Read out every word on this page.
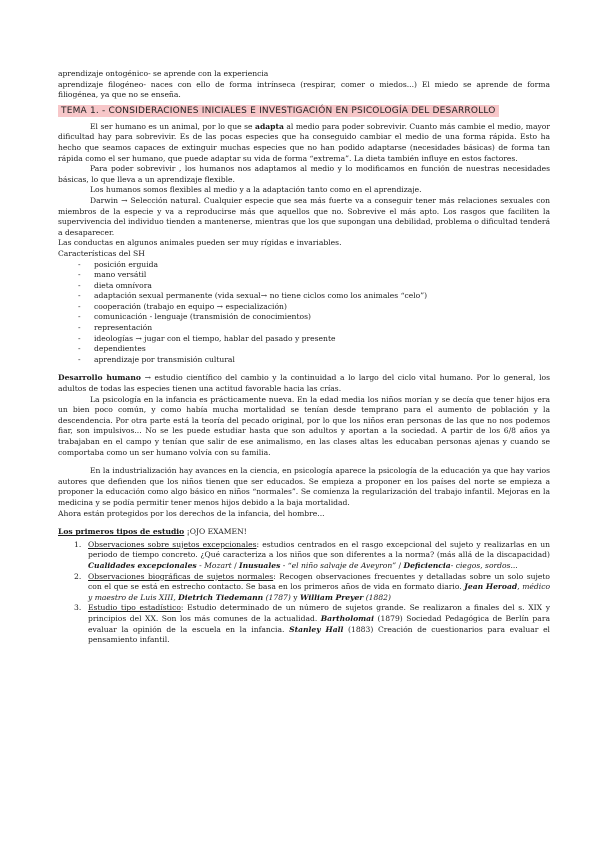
aprendizaje ontogénico- se aprende con la experiencia

aprendizaje filogéneo- naces con ello de forma intrínseca (respirar, comer o miedos...) El miedo se aprende de forma filiogénea, ya que no se enseña.

TEMA 1. - CONSIDERACIONES INICIALES E INVESTIGACIÓN EN PSICOLOGÍA DEL DESARROLLO

El ser humano es un animal, por lo que se adapta al medio para poder sobrevivir. Cuanto más cambie el medio, mayor dificultad hay para sobrevivir. Es de las pocas especies que ha conseguido cambiar el medio de una forma rápida. Esto ha hecho que seamos capaces de extinguir muchas especies que no han podido adaptarse (necesidades básicas) de forma tan rápida como el ser humano, que puede adaptar su vida de forma “extrema”. La dieta también influye en estos factores.

Para poder sobrevivir , los humanos nos adaptamos al medio y lo modificamos en función de nuestras necesidades básicas, lo que lleva a un aprendizaje flexible.

Los humanos somos flexibles al medio y a la adaptación tanto como en el aprendizaje.

Darwin → Selección natural. Cualquier especie que sea más fuerte va a conseguir tener más relaciones sexuales con miembros de la especie y va a reproducirse más que aquellos que no. Sobrevive el más apto. Los rasgos que faciliten la supervivencia del individuo tienden a mantenerse, mientras que los que supongan una debilidad, problema o dificultad tenderá a desaparecer.

Las conductas en algunos animales pueden ser muy rígidas e invariables.

Características del SH

- posición erguida
- mano versátil
- dieta omnívora
- adaptación sexual permanente (vida sexual→ no tiene ciclos como los animales “celo”)
- cooperación (trabajo en equipo → especialización)
- comunicación - lenguaje (transmisión de conocimientos)
- representación
- ideologías → jugar con el tiempo, hablar del pasado y presente
- dependientes
- aprendizaje por transmisión cultural

Desarrollo humano → estudio científico del cambio y la continuidad a lo largo del ciclo vital humano. Por lo general, los adultos de todas las especies tienen una actitud favorable hacia las crías.

La psicología en la infancia es prácticamente nueva. En la edad media los niños morían y se decía que tener hijos era un bien poco común, y como había mucha mortalidad se tenían desde temprano para el aumento de población y la descendencia. Por otra parte está la teoría del pecado original, por lo que los niños eran personas de las que no nos podemos fiar, son impulsivos... No se les puede estudiar hasta que son adultos y aportan a la sociedad. A partir de los 6/8 años ya trabajaban en el campo y tenían que salir de ese animalismo, en las clases altas les educaban personas ajenas y cuando se comportaba como un ser humano volvía con su familia.

En la industrialización hay avances en la ciencia, en psicología aparece la psicología de la educación ya que hay varios autores que defienden que los niños tienen que ser educados. Se empieza a proponer en los países del norte se empieza a proponer la educación como algo básico en niños “normales”. Se comienza la regularización del trabajo infantil. Mejoras en la medicina y se podía permitir tener menos hijos debido a la baja mortalidad.

Ahora están protegidos por los derechos de la infancia, del hombre...

Los primeros tipos de estudio ¡OJO EXAMEN!

1. Observaciones sobre sujetos excepcionales: estudios centrados en el rasgo excepcional del sujeto y realizarlas en un periodo de tiempo concreto. ¿Qué caracteriza a los niños que son diferentes a la norma? (más allá de la discapacidad) Cualidades excepcionales - Mozart / Inusuales - “el niño salvaje de Aveyron” / Deficiencia- ciegos, sordos...
2. Observaciones biográficas de sujetos normales: Recogen observaciones frecuentes y detalladas sobre un solo sujeto con el que se está en estrecho contacto. Se basa en los primeros años de vida en formato diario. Jean Heroad, médico y maestro de Luis XIII, Dietrich Tiedemann (1787) y William Preyer (1882)
3. Estudio tipo estadístico: Estudio determinado de un número de sujetos grande. Se realizaron a finales del s. XIX y principios del XX. Son los más comunes de la actualidad. Bartholomai (1879) Sociedad Pedagógica de Berlín para evaluar la opinión de la escuela en la infancia. Stanley Hall (1883) Creación de cuestionarios para evaluar el pensamiento infantil.
